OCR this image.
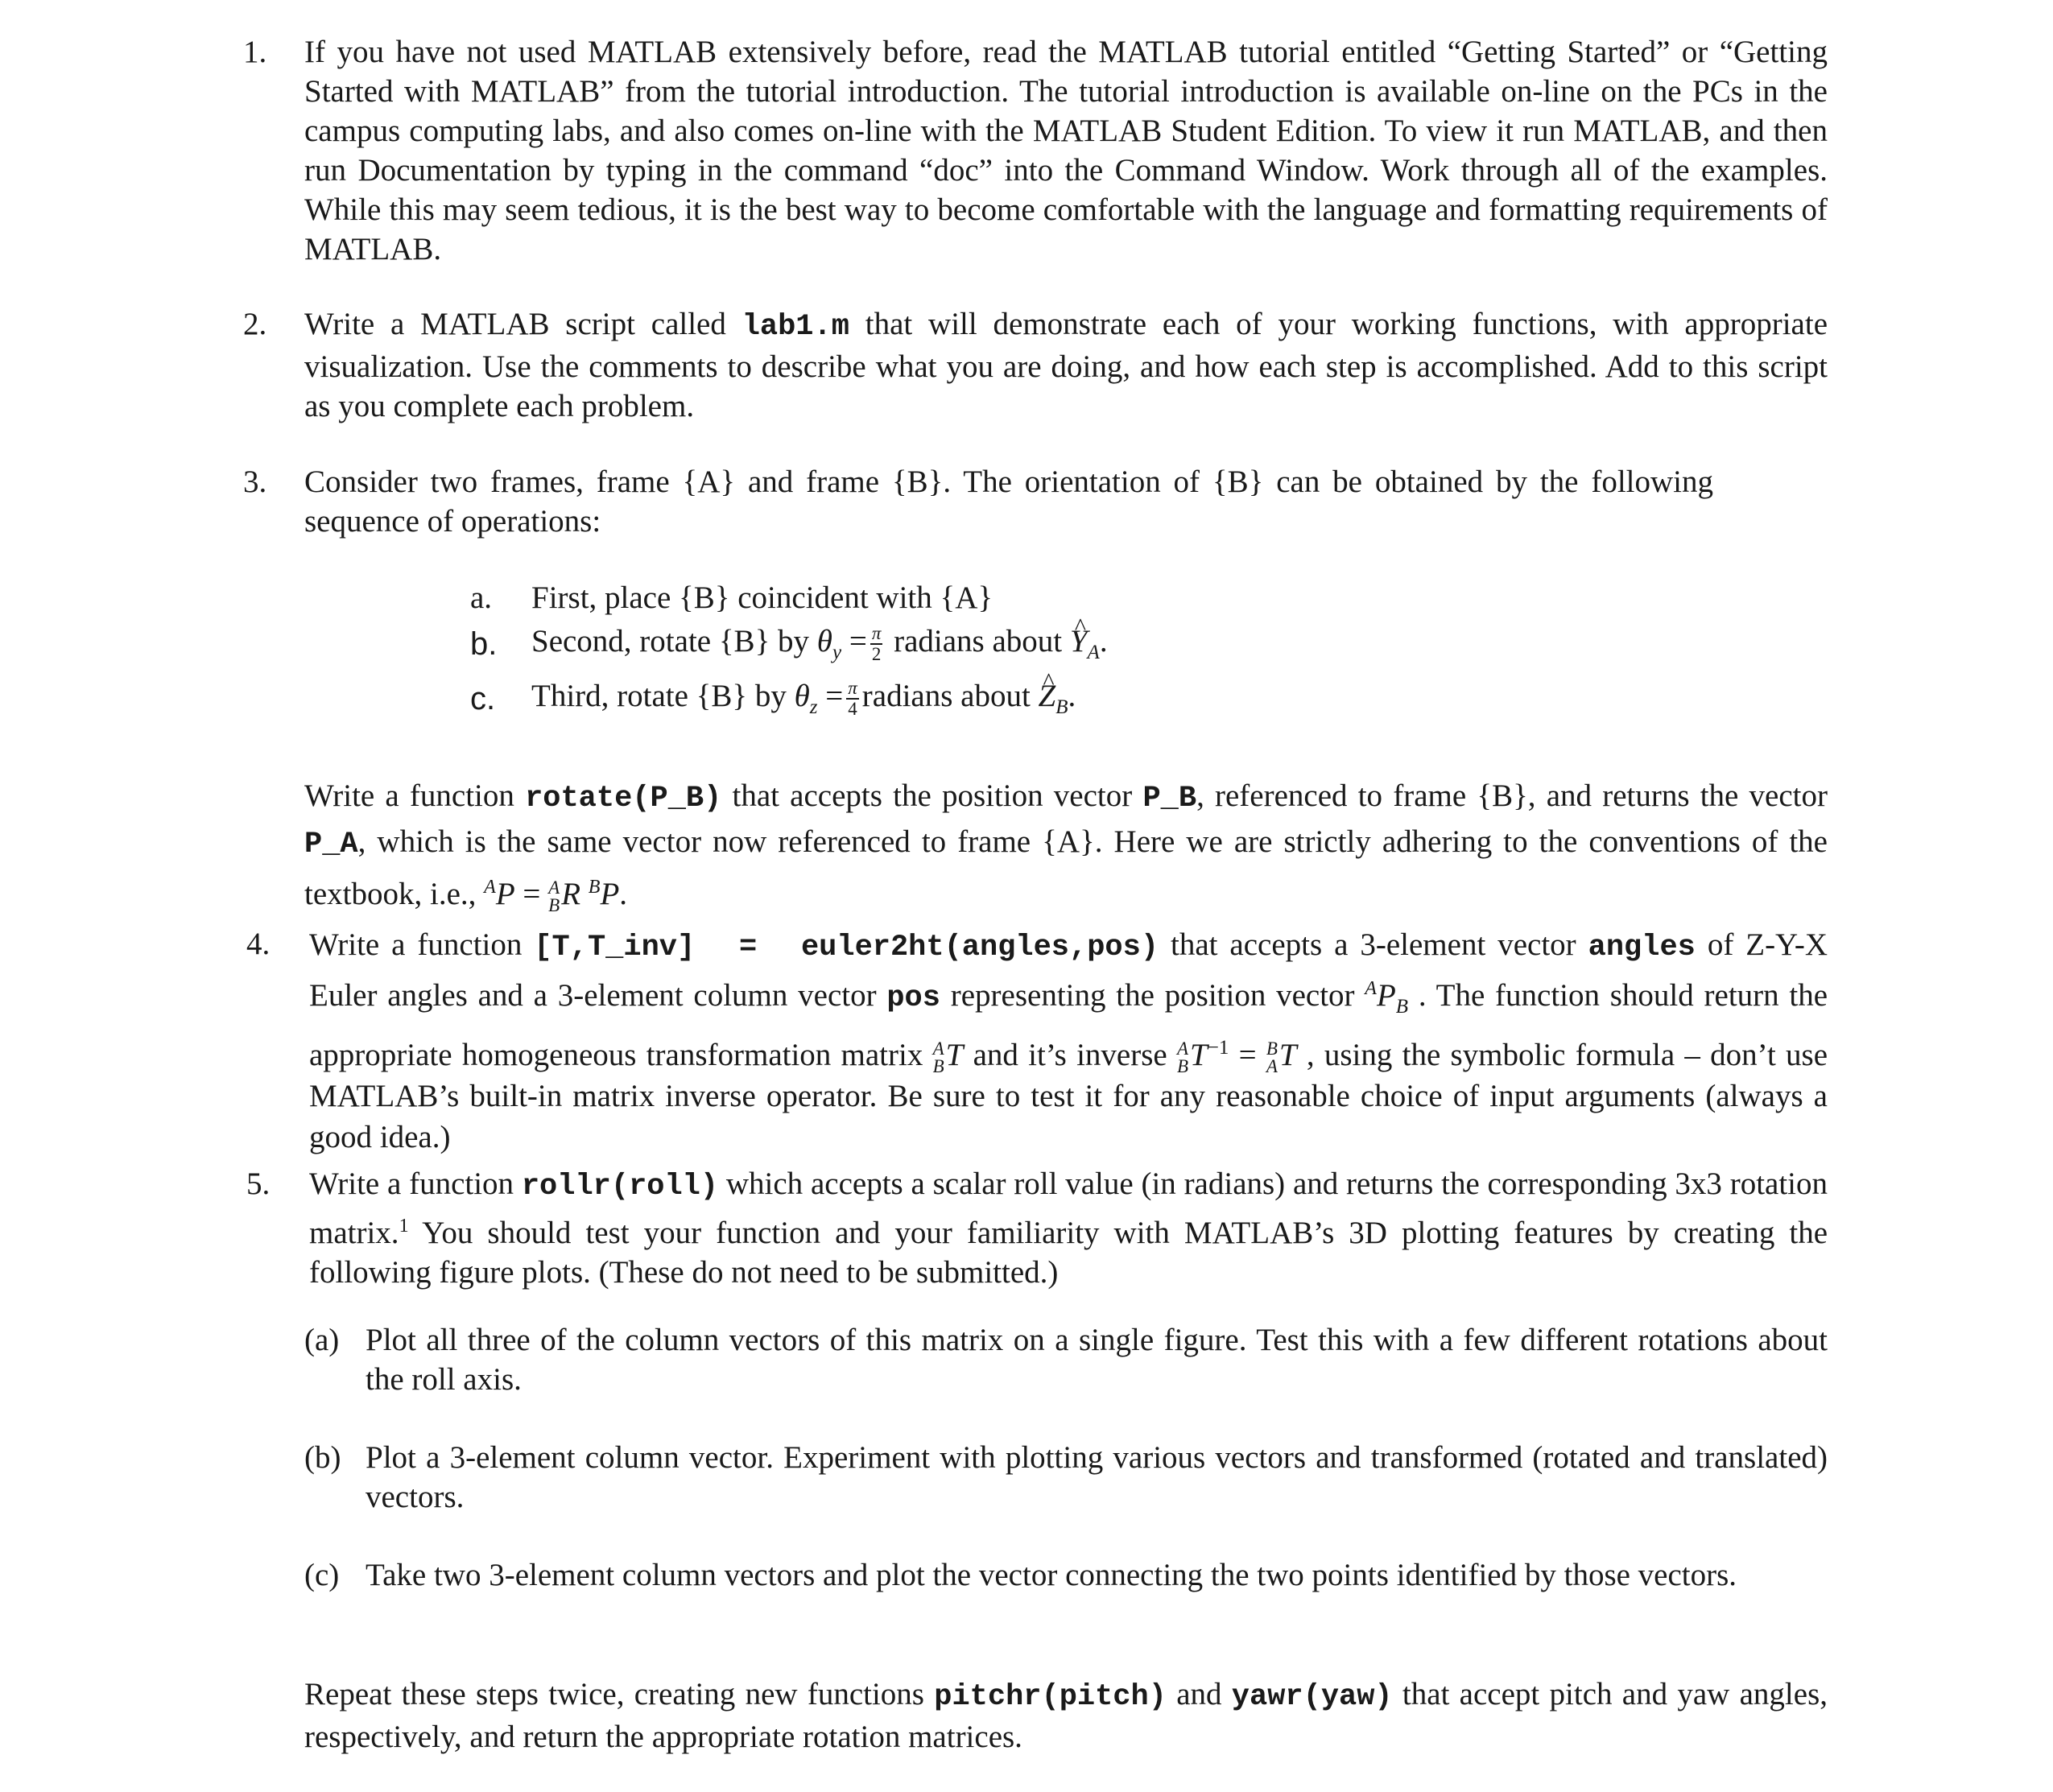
1. If you have not used MATLAB extensively before, read the MATLAB tutorial entitled “Getting Started” or “Getting Started with MATLAB” from the tutorial introduction. The tutorial introduction is available on-line on the PCs in the campus computing labs, and also comes on-line with the MATLAB Student Edition. To view it run MATLAB, and then run Documentation by typing in the command “doc” into the Command Window. Work through all of the examples. While this may seem tedious, it is the best way to become comfortable with the language and formatting requirements of MATLAB.

2. Write a MATLAB script called lab1.m that will demonstrate each of your working functions, with appropriate visualization. Use the comments to describe what you are doing, and how each step is accomplished. Add to this script as you complete each problem.

3. Consider two frames, frame {A} and frame {B}. The orientation of {B} can be obtained by the following sequence of operations:

a. First, place {B} coincident with {A}

b. Second, rotate {B} by $\theta_y = \frac{\pi}{2}$ radians about ^ $Y_A$.

c. Third, rotate {B} by $\theta_z = \frac{\pi}{4}$ radians about ^ $Z_B$.

Write a function rotate(P_B) that accepts the position vector P_B, referenced to frame {B}, and returns the vector P_A, which is the same vector now referenced to frame {A}. Here we are strictly adhering to the conventions of the textbook, i.e., $^A$P = A
B R $^B$P.

4. Write a function [T,T_inv]  =  euler2ht(angles,pos) that accepts a 3-element vector angles of Z-Y-X Euler angles and a 3-element column vector pos representing the position vector $^AP_B$ . The function should return the appropriate homogeneous transformation matrix A
B T and it’s inverse A
B $T^{-1} = B$
A T , using the symbolic formula – don’t use MATLAB’s built-in matrix inverse operator. Be sure to test it for any reasonable choice of input arguments (always a good idea.)

5. Write a function rollr(roll) which accepts a scalar roll value (in radians) and returns the corresponding 3x3 rotation matrix.$^1$ You should test your function and your familiarity with MATLAB’s 3D plotting features by creating the following figure plots. (These do not need to be submitted.)

(a) Plot all three of the column vectors of this matrix on a single figure. Test this with a few different rotations about the roll axis.

(b) Plot a 3-element column vector. Experiment with plotting various vectors and transformed (rotated and translated) vectors.

(c) Take two 3-element column vectors and plot the vector connecting the two points identified by those vectors.

Repeat these steps twice, creating new functions pitchr(pitch) and yawr(yaw) that accept pitch and yaw angles, respectively, and return the appropriate rotation matrices.
